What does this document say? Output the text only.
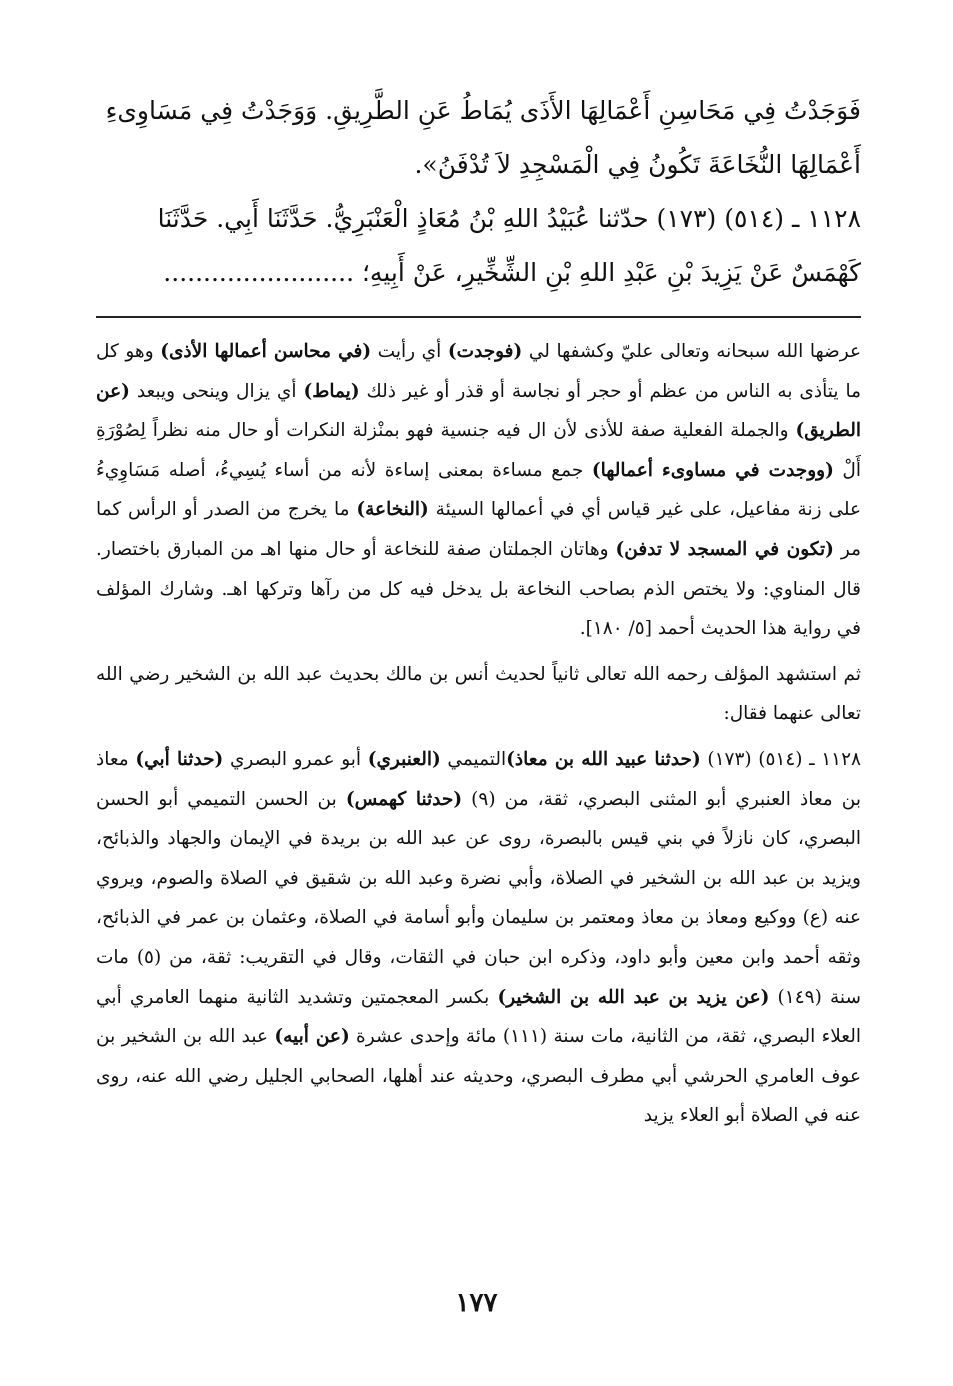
فَوَجَدْتُ فِي مَحَاسِنِ أَعْمَالِهَا الأَذَى يُمَاطُ عَنِ الطَّرِيقِ. وَوَجَدْتُ فِي مَسَاوِىءِ

أَعْمَالِهَا النُّخَاعَةَ تَكُونُ فِي الْمَسْجِدِ لاَ تُدْفَنُ».

١١٢٨ ـ (٥١٤) (١٧٣) حدّثنا عُبَيْدُ اللهِ بْنُ مُعَاذٍ الْعَنْبَرِيُّ. حَدَّثَنَا أَبِي. حَدَّثَنَا

كَهْمَسٌ عَنْ يَزِيدَ بْنِ عَبْدِ اللهِ بْنِ الشِّخِّيرِ، عَنْ أَبِيهِ؛ ........................

عرضها الله سبحانه وتعالى عليّ وكشفها لي (فوجدت) أي رأيت (في محاسن أعمالها الأذى) وهو كل ما يتأذى به الناس من عظم أو حجر أو نجاسة أو قذر أو غير ذلك (يماط) أي يزال وينحى ويبعد (عن الطريق) والجملة الفعلية صفة للأذى لأن ال فيه جنسية فهو بمنْزلة النكرات أو حال منه نظراً لِصُوْرَةِ أَلْ (ووجدت في مساوىء أعمالها) جمع مساءة بمعنى إساءة لأنه من أساء يُسِيءُ، أصله مَسَاوِيءُ على زنة مفاعيل، على غير قياس أي في أعمالها السيئة (النخاعة) ما يخرج من الصدر أو الرأس كما مر (تكون في المسجد لا تدفن) وهاتان الجملتان صفة للنخاعة أو حال منها اهـ من المبارق باختصار. قال المناوي: ولا يختص الذم بصاحب النخاعة بل يدخل فيه كل من رآها وتركها اهـ. وشارك المؤلف في رواية هذا الحديث أحمد [٥/ ١٨٠].

ثم استشهد المؤلف رحمه الله تعالى ثانياً لحديث أنس بن مالك بحديث عبد الله بن الشخير رضي الله تعالى عنهما فقال:

١١٢٨ ـ (٥١٤) (١٧٣) (حدثنا عبيد الله بن معاذ)التميمي (العنبري) أبو عمرو البصري (حدثنا أبي) معاذ بن معاذ العنبري أبو المثنى البصري، ثقة، من (٩) (حدثنا كهمس) بن الحسن التميمي أبو الحسن البصري، كان نازلاً في بني قيس بالبصرة، روى عن عبد الله بن بريدة في الإيمان والجهاد والذبائح، ويزيد بن عبد الله بن الشخير في الصلاة، وأبي نضرة وعبد الله بن شقيق في الصلاة والصوم، ويروي عنه (ع) ووكيع ومعاذ بن معاذ ومعتمر بن سليمان وأبو أسامة في الصلاة، وعثمان بن عمر في الذبائح، وثقه أحمد وابن معين وأبو داود، وذكره ابن حبان في الثقات، وقال في التقريب: ثقة، من (٥) مات سنة (١٤٩) (عن يزيد بن عبد الله بن الشخير) بكسر المعجمتين وتشديد الثانية منهما العامري أبي العلاء البصري، ثقة، من الثانية، مات سنة (١١١) مائة وإحدى عشرة (عن أبيه) عبد الله بن الشخير بن عوف العامري الحرشي أبي مطرف البصري، وحديثه عند أهلها، الصحابي الجليل رضي الله عنه، روى عنه في الصلاة أبو العلاء يزيد

١٧٧
